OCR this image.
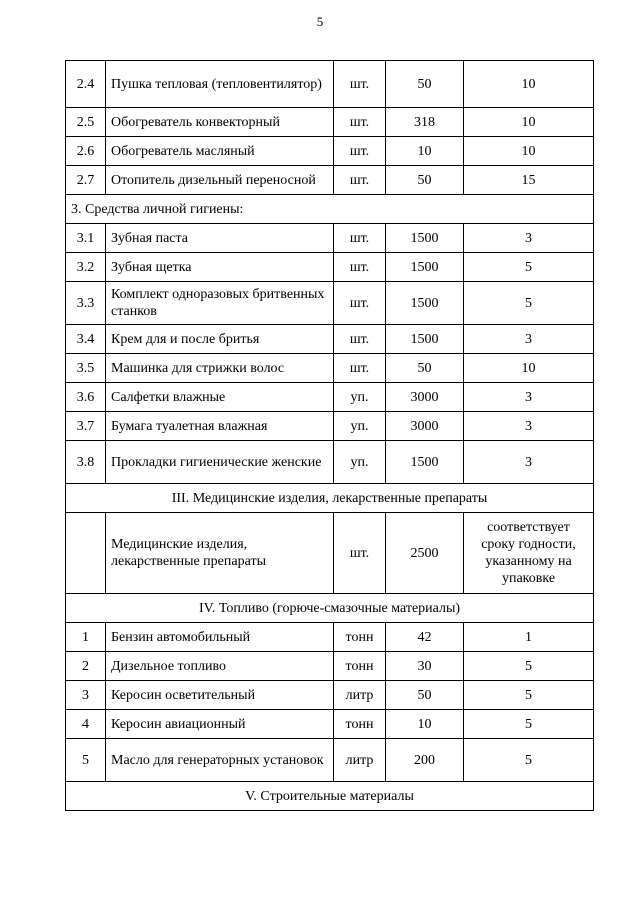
5
2.4	Пушка тепловая (тепловентилятор)	шт.	50	10
2.5	Обогреватель конвекторный	шт.	318	10
2.6	Обогреватель масляный	шт.	10	10
2.7	Отопитель дизельный переносной	шт.	50	15
3. Средства личной гигиены:				
3.1	Зубная паста	шт.	1500	3
3.2	Зубная щетка	шт.	1500	5
3.3	Комплект одноразовых бритвенных станков	шт.	1500	5
3.4	Крем для и после бритья	шт.	1500	3
3.5	Машинка для стрижки волос	шт.	50	10
3.6	Салфетки влажные	уп.	3000	3
3.7	Бумага туалетная влажная	уп.	3000	3
3.8	Прокладки гигиенические женские	уп.	1500	3
III. Медицинские изделия, лекарственные препараты				
	Медицинские изделия, лекарственные препараты	шт.	2500	соответствует сроку годности, указанному на упаковке
IV. Топливо (горюче-смазочные материалы)				
1	Бензин автомобильный	тонн	42	1
2	Дизельное топливо	тонн	30	5
3	Керосин осветительный	литр	50	5
4	Керосин авиационный	тонн	10	5
5	Масло для генераторных установок	литр	200	5
V. Строительные материалы				
